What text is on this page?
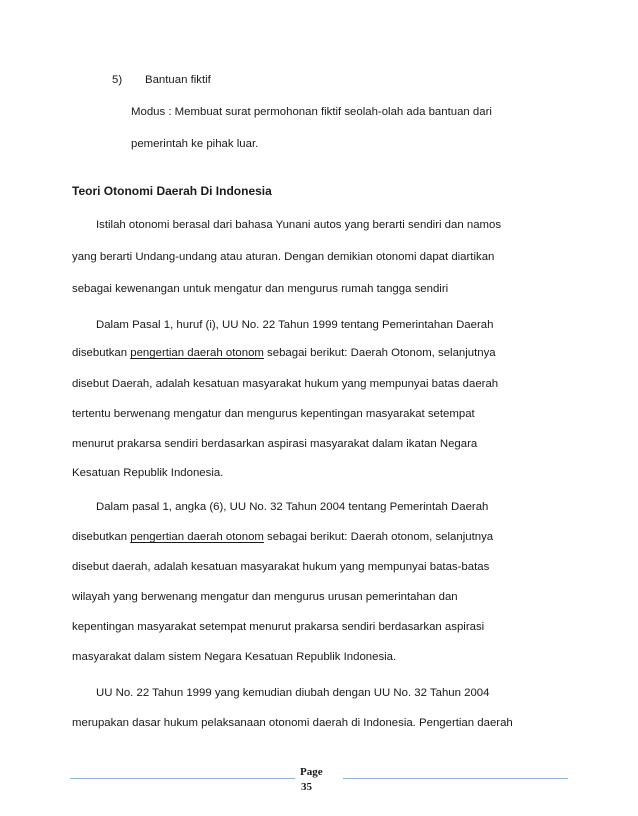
5) Bantuan fiktif
Modus : Membuat surat permohonan fiktif seolah-olah ada bantuan dari
pemerintah ke pihak luar.
Teori Otonomi Daerah Di Indonesia
Istilah otonomi berasal dari bahasa Yunani autos yang berarti sendiri dan namos
yang berarti Undang-undang atau aturan. Dengan demikian otonomi dapat diartikan
sebagai kewenangan untuk mengatur dan mengurus rumah tangga sendiri
Dalam Pasal 1, huruf (i), UU No. 22 Tahun 1999 tentang Pemerintahan Daerah
disebutkan pengertian daerah otonom sebagai berikut: Daerah Otonom, selanjutnya
disebut Daerah, adalah kesatuan masyarakat hukum yang mempunyai batas daerah
tertentu berwenang mengatur dan mengurus kepentingan masyarakat setempat
menurut prakarsa sendiri berdasarkan aspirasi masyarakat dalam ikatan Negara
Kesatuan Republik Indonesia.
Dalam pasal 1, angka (6), UU No. 32 Tahun 2004 tentang Pemerintah Daerah
disebutkan pengertian daerah otonom sebagai berikut: Daerah otonom, selanjutnya
disebut daerah, adalah kesatuan masyarakat hukum yang mempunyai batas-batas
wilayah yang berwenang mengatur dan mengurus urusan pemerintahan dan
kepentingan masyarakat setempat menurut prakarsa sendiri berdasarkan aspirasi
masyarakat dalam sistem Negara Kesatuan Republik Indonesia.
UU No. 22 Tahun 1999 yang kemudian diubah dengan UU No. 32 Tahun 2004
merupakan dasar hukum pelaksanaan otonomi daerah di Indonesia. Pengertian daerah
Page
35
